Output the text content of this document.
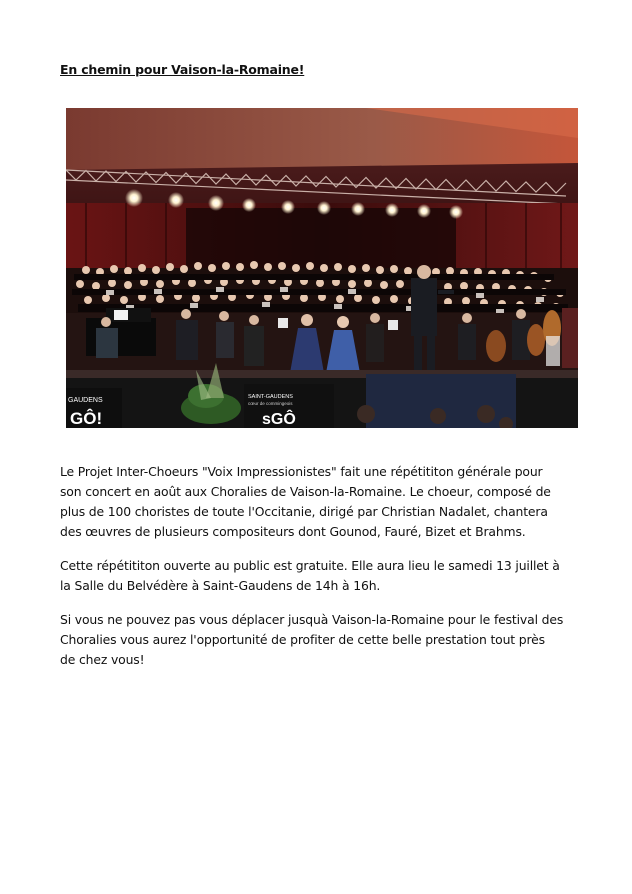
En chemin pour Vaison-la-Romaine!
GAUDENS
GÔ!
SAINT-GAUDENS
cœur de commingeois
sGÔ

Le Projet Inter-Choeurs "Voix Impressionistes" fait une répétititon générale pour
son concert en août aux Choralies de Vaison-la-Romaine. Le choeur, composé de
plus de 100 choristes de toute l'Occitanie, dirigé par Christian Nadalet, chantera
des œuvres de plusieurs compositeurs dont Gounod, Fauré, Bizet et Brahms.

Cette répétititon ouverte au public est gratuite. Elle aura lieu le samedi 13 juillet à
la Salle du Belvédère à Saint-Gaudens de 14h à 16h.

Si vous ne pouvez pas vous déplacer jusquà Vaison-la-Romaine pour le festival des
Choralies vous aurez l'opportunité de profiter de cette belle prestation tout près
de chez vous!
